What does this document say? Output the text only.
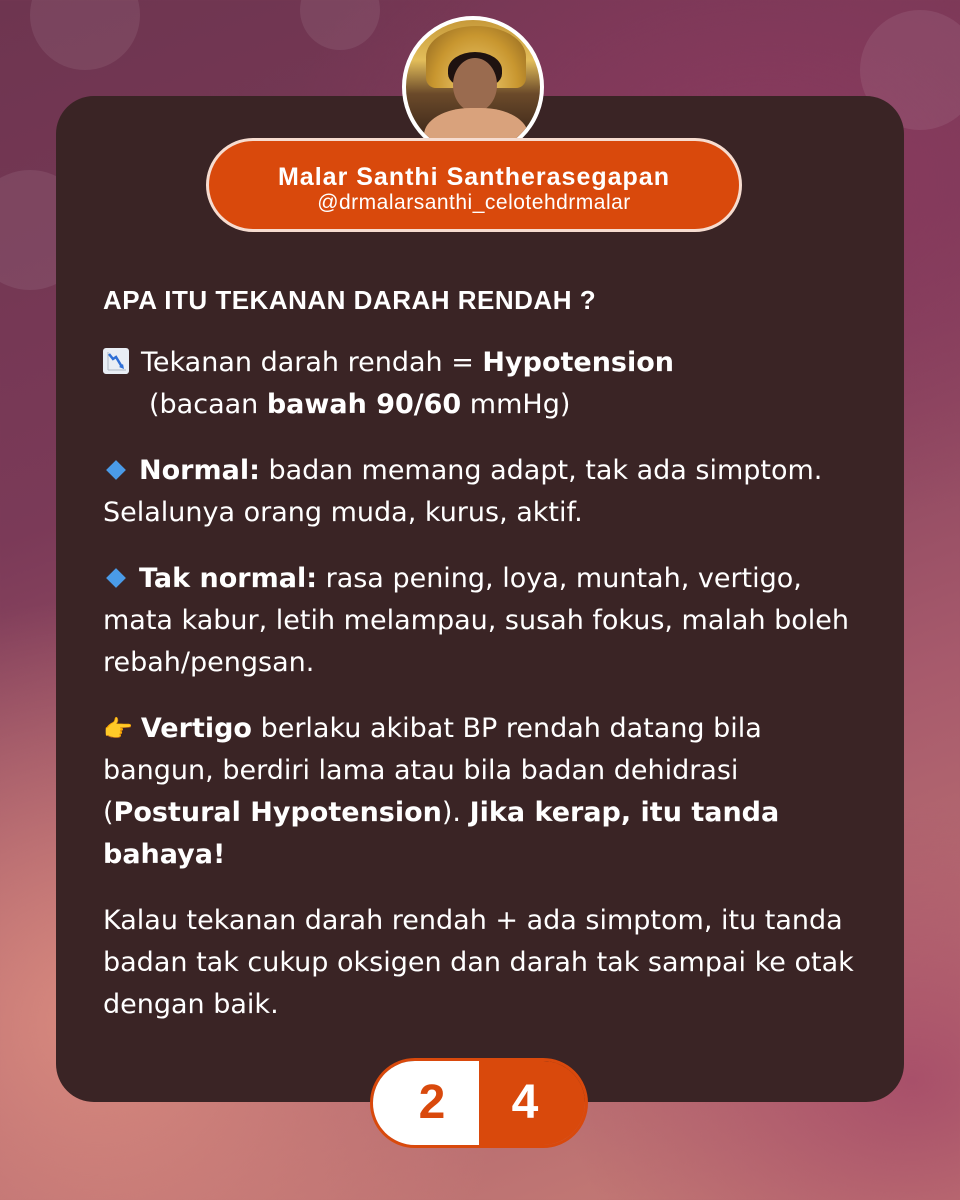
Malar Santhi Santherasegapan
@drmalarsanthi_celotehdrmalar
APA ITU TEKANAN DARAH RENDAH ?

Tekanan darah rendah = Hypotension
(bacaan bawah 90/60 mmHg)

Normal: badan memang adapt, tak ada simptom. Selalunya orang muda, kurus, aktif.

Tak normal: rasa pening, loya, muntah, vertigo, mata kabur, letih melampau, susah fokus, malah boleh rebah/pengsan.

👉 Vertigo berlaku akibat BP rendah datang bila bangun, berdiri lama atau bila badan dehidrasi (Postural Hypotension). Jika kerap, itu tanda bahaya!

Kalau tekanan darah rendah + ada simptom, itu tanda badan tak cukup oksigen dan darah tak sampai ke otak dengan baik.

2	4
